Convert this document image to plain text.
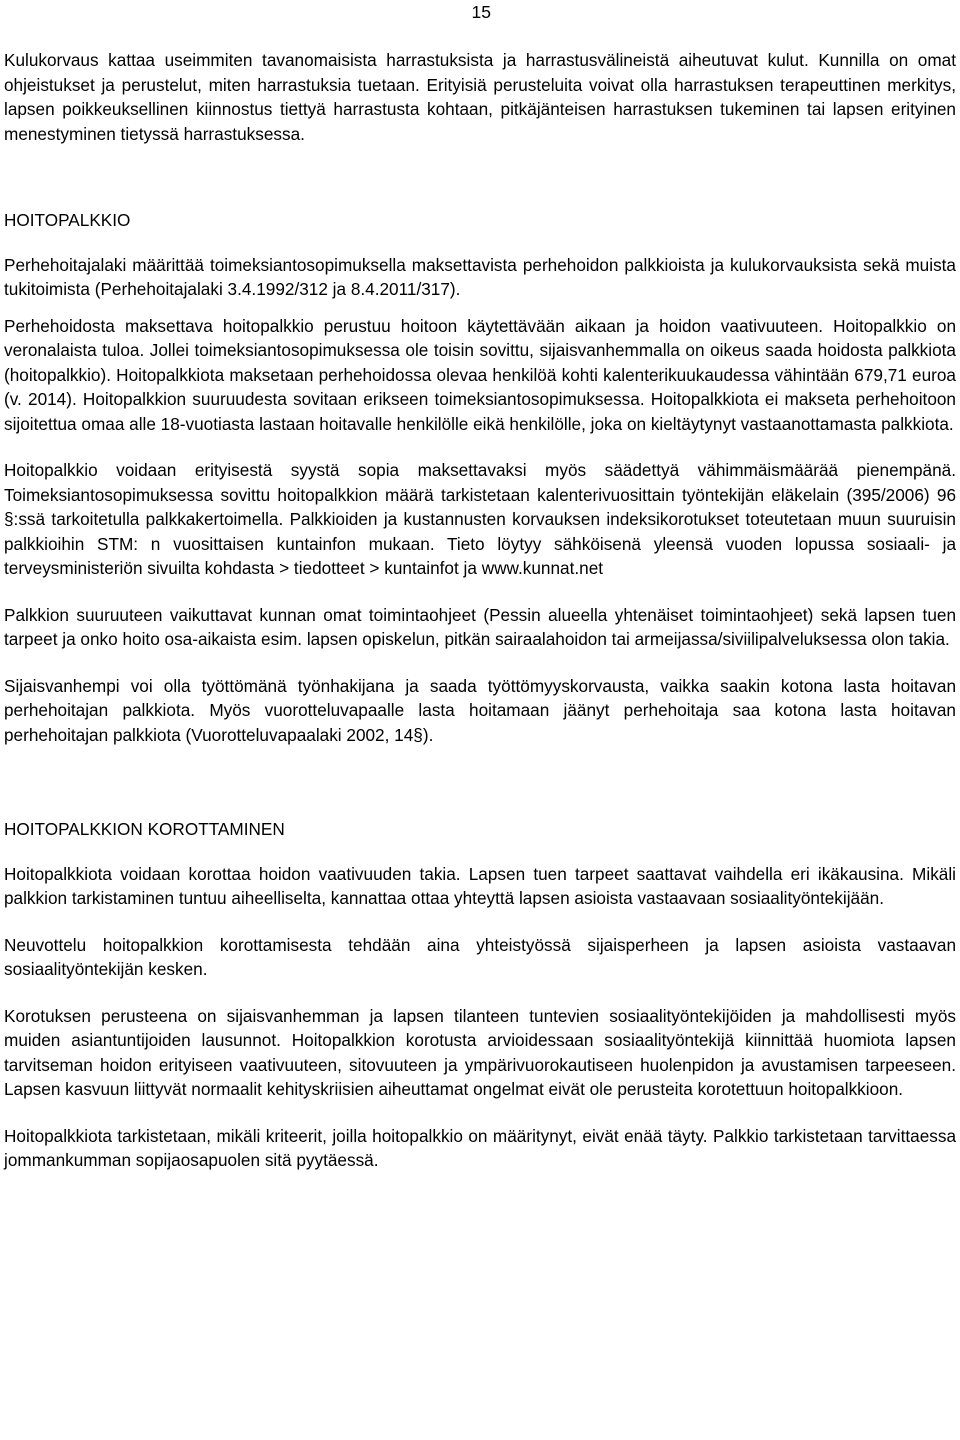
15

Kulukorvaus kattaa useimmiten tavanomaisista harrastuksista ja harrastusvälineistä aiheutuvat kulut. Kunnilla on omat ohjeistukset ja perustelut, miten harrastuksia tuetaan. Erityisiä perusteluita voivat olla harrastuksen terapeuttinen merkitys, lapsen poikkeuksellinen kiinnostus tiettyä harrastusta kohtaan, pitkäjänteisen harrastuksen tukeminen tai lapsen erityinen menestyminen tietyssä harrastuksessa.

HOITOPALKKIO

Perhehoitajalaki määrittää toimeksiantosopimuksella maksettavista perhehoidon palkkioista ja kulukorvauksista sekä muista tukitoimista (Perhehoitajalaki 3.4.1992/312 ja 8.4.2011/317).

Perhehoidosta maksettava hoitopalkkio perustuu hoitoon käytettävään aikaan ja hoidon vaativuuteen. Hoitopalkkio on veronalaista tuloa. Jollei toimeksiantosopimuksessa ole toisin sovittu, sijaisvanhemmalla on oikeus saada hoidosta palkkiota (hoitopalkkio). Hoitopalkkiota maksetaan perhehoidossa olevaa henkilöä kohti kalenterikuukaudessa vähintään 679,71 euroa (v. 2014). Hoitopalkkion suuruudesta sovitaan erikseen toimeksiantosopimuksessa. Hoitopalkkiota ei makseta perhehoitoon sijoitettua omaa alle 18-vuotiasta lastaan hoitavalle henkilölle eikä henkilölle, joka on kieltäytynyt vastaanottamasta palkkiota.

Hoitopalkkio voidaan erityisestä syystä sopia maksettavaksi myös säädettyä vähimmäismäärää pienempänä. Toimeksiantosopimuksessa sovittu hoitopalkkion määrä tarkistetaan kalenterivuosittain työntekijän eläkelain (395/2006) 96 §:ssä tarkoitetulla palkkakertoimella. Palkkioiden ja kustannusten korvauksen indeksikorotukset toteutetaan muun suuruisin palkkioihin STM: n vuosittaisen kuntainfon mukaan. Tieto löytyy sähköisenä yleensä vuoden lopussa sosiaali- ja terveysministeriön sivuilta kohdasta > tiedotteet > kuntainfot ja www.kunnat.net

Palkkion suuruuteen vaikuttavat kunnan omat toimintaohjeet (Pessin alueella yhtenäiset toimintaohjeet) sekä lapsen tuen tarpeet ja onko hoito osa-aikaista esim. lapsen opiskelun, pitkän sairaalahoidon tai armeijassa/siviilipalveluksessa olon takia.

Sijaisvanhempi voi olla työttömänä työnhakijana ja saada työttömyyskorvausta, vaikka saakin kotona lasta hoitavan perhehoitajan palkkiota. Myös vuorotteluvapaalle lasta hoitamaan jäänyt perhehoitaja saa kotona lasta hoitavan perhehoitajan palkkiota (Vuorotteluvapaalaki 2002, 14§).

HOITOPALKKION KOROTTAMINEN

Hoitopalkkiota voidaan korottaa hoidon vaativuuden takia. Lapsen tuen tarpeet saattavat vaihdella eri ikäkausina. Mikäli palkkion tarkistaminen tuntuu aiheelliselta, kannattaa ottaa yhteyttä lapsen asioista vastaavaan sosiaalityöntekijään.

Neuvottelu hoitopalkkion korottamisesta tehdään aina yhteistyössä sijaisperheen ja lapsen asioista vastaavan sosiaalityöntekijän kesken.

Korotuksen perusteena on sijaisvanhemman ja lapsen tilanteen tuntevien sosiaalityöntekijöiden ja mahdollisesti myös muiden asiantuntijoiden lausunnot. Hoitopalkkion korotusta arvioidessaan sosiaalityöntekijä kiinnittää huomiota lapsen tarvitseman hoidon erityiseen vaativuuteen, sitovuuteen ja ympärivuorokautiseen huolenpidon ja avustamisen tarpeeseen. Lapsen kasvuun liittyvät normaalit kehityskriisien aiheuttamat ongelmat eivät ole perusteita korotettuun hoitopalkkioon.

Hoitopalkkiota tarkistetaan, mikäli kriteerit, joilla hoitopalkkio on määritynyt, eivät enää täyty. Palkkio tarkistetaan tarvittaessa jommankumman sopijaosapuolen sitä pyytäessä.
